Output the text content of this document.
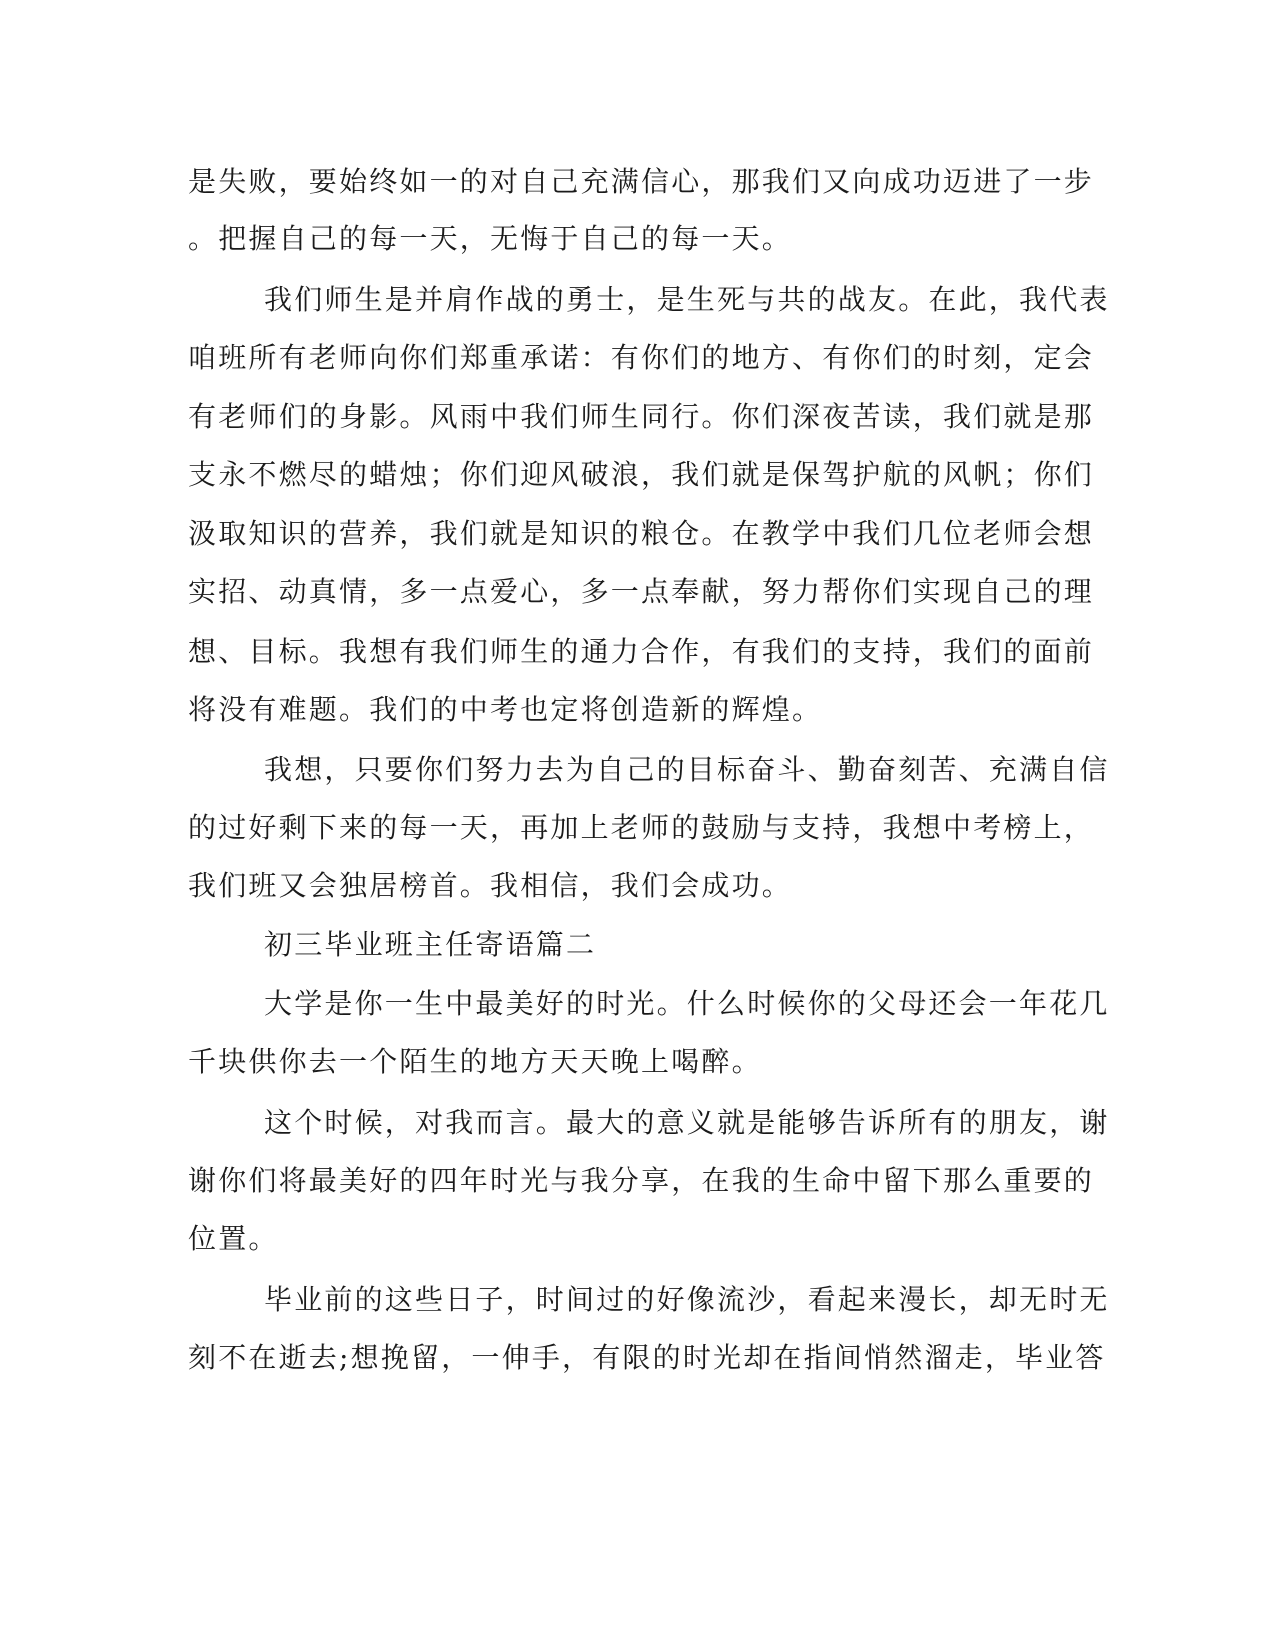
是失败，要始终如一的对自己充满信心，那我们又向成功迈进了一步
。把握自己的每一天，无悔于自己的每一天。
我们师生是并肩作战的勇士，是生死与共的战友。在此，我代表
咱班所有老师向你们郑重承诺：有你们的地方、有你们的时刻，定会
有老师们的身影。风雨中我们师生同行。你们深夜苦读，我们就是那
支永不燃尽的蜡烛；你们迎风破浪，我们就是保驾护航的风帆；你们
汲取知识的营养，我们就是知识的粮仓。在教学中我们几位老师会想
实招、动真情，多一点爱心，多一点奉献，努力帮你们实现自己的理
想、目标。我想有我们师生的通力合作，有我们的支持，我们的面前
将没有难题。我们的中考也定将创造新的辉煌。
我想，只要你们努力去为自己的目标奋斗、勤奋刻苦、充满自信
的过好剩下来的每一天，再加上老师的鼓励与支持，我想中考榜上，
我们班又会独居榜首。我相信，我们会成功。
初三毕业班主任寄语篇二
大学是你一生中最美好的时光。什么时候你的父母还会一年花几
千块供你去一个陌生的地方天天晚上喝醉。
这个时候，对我而言。最大的意义就是能够告诉所有的朋友，谢
谢你们将最美好的四年时光与我分享，在我的生命中留下那么重要的
位置。
毕业前的这些日子，时间过的好像流沙，看起来漫长，却无时无
刻不在逝去;想挽留，一伸手，有限的时光却在指间悄然溜走，毕业答
